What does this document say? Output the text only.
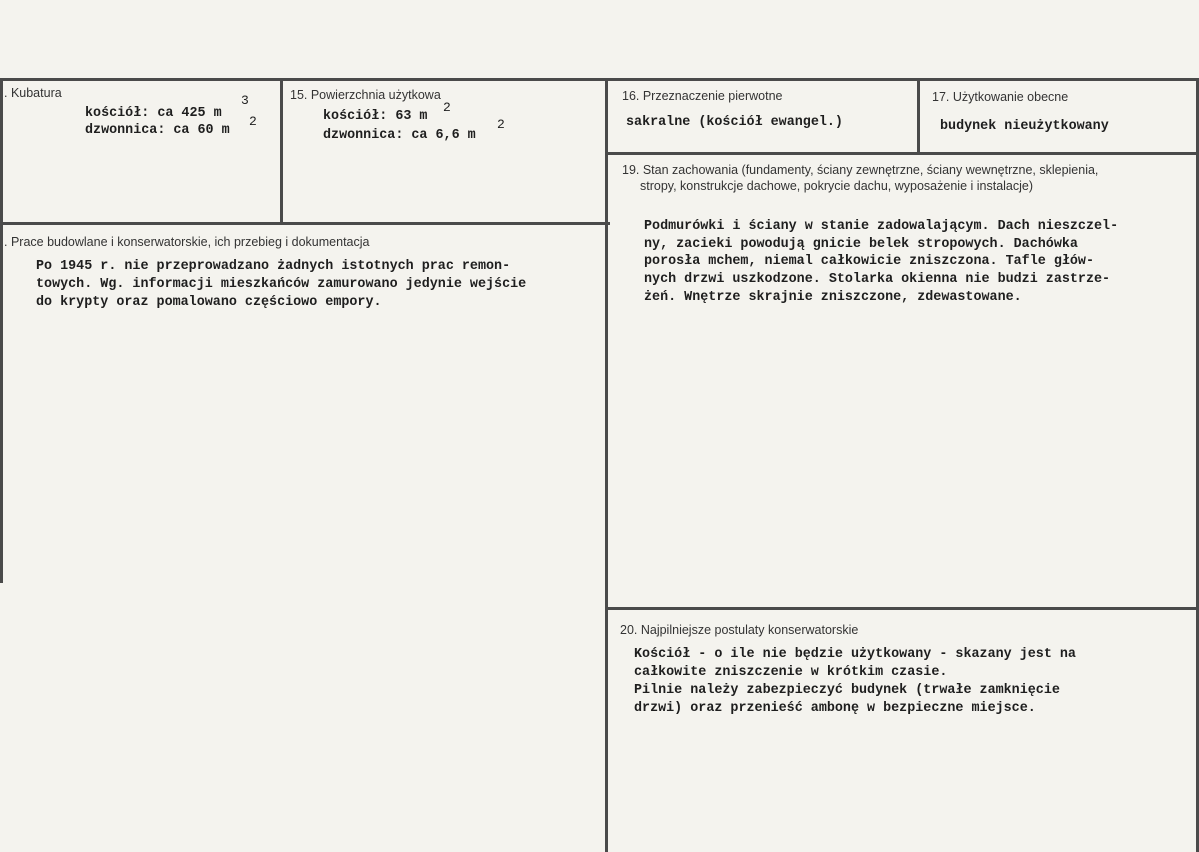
. Kubatura
kościół: ca 425 m
3
dzwonnica: ca 60 m
2
15. Powierzchnia użytkowa
kościół: 63 m
2
dzwonnica: ca 6,6 m
2
16. Przeznaczenie pierwotne
sakralne (kościół ewangel.)
17. Użytkowanie obecne
budynek nieużytkowany
. Prace budowlane i konserwatorskie, ich przebieg i dokumentacja
Po 1945 r. nie przeprowadzano żadnych istotnych prac remon-
towych. Wg. informacji mieszkańców zamurowano jedynie wejście
do krypty oraz pomalowano częściowo empory.
19. Stan zachowania (fundamenty, ściany zewnętrzne, ściany wewnętrzne, sklepienia,
stropy, konstrukcje dachowe, pokrycie dachu, wyposażenie i instalacje)
Podmurówki i ściany w stanie zadowalającym. Dach nieszczel-
ny, zacieki powodują gnicie belek stropowych. Dachówka
porosła mchem, niemal całkowicie zniszczona. Tafle głów-
nych drzwi uszkodzone. Stolarka okienna nie budzi zastrze-
żeń. Wnętrze skrajnie zniszczone, zdewastowane.
20. Najpilniejsze postulaty konserwatorskie
Kościół - o ile nie będzie użytkowany - skazany jest na
całkowite zniszczenie w krótkim czasie.
Pilnie należy zabezpieczyć budynek (trwałe zamknięcie
drzwi) oraz przenieść ambonę w bezpieczne miejsce.
